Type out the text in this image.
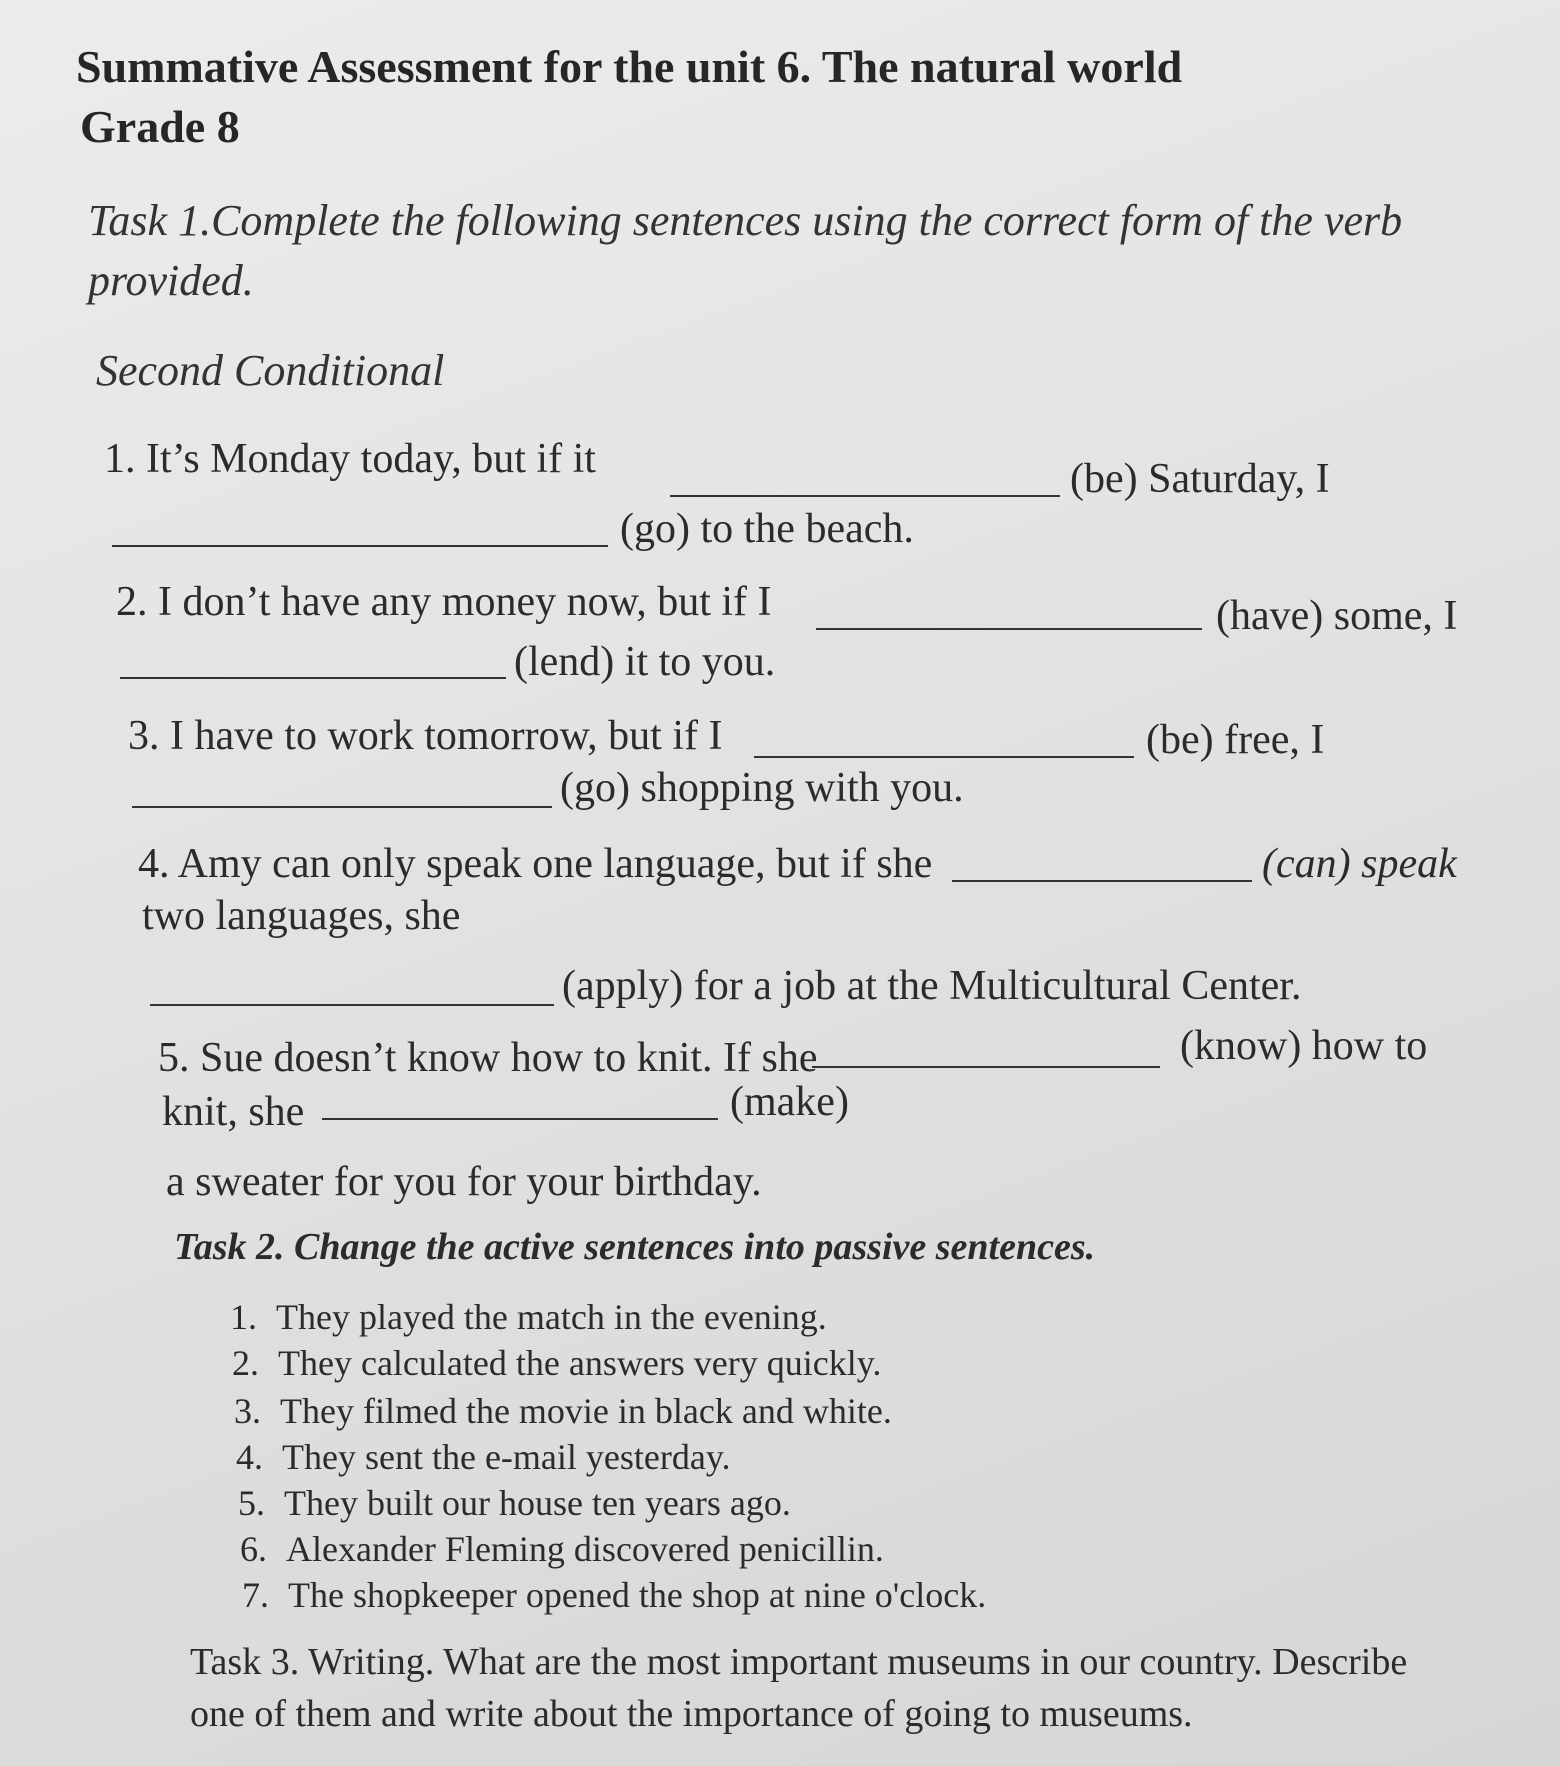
Summative Assessment for the unit 6. The natural world
Grade 8
Task 1.Complete the following sentences using the correct form of the verb
provided.
Second Conditional
1. It’s Monday today, but if it	(be) Saturday, I
(go) to the beach.
2. I don’t have any money now, but if I	(have) some, I
(lend) it to you.
3. I have to work tomorrow, but if I	(be) free, I
(go) shopping with you.
4. Amy can only speak one language, but if she	(can) speak
two languages, she
(apply) for a job at the Multicultural Center.
5. Sue doesn’t know how to knit. If she	(know) how to
knit, she	(make)
a sweater for you for your birthday.
Task 2. Change the active sentences into passive sentences.
1. They played the match in the evening.
2. They calculated the answers very quickly.
3. They filmed the movie in black and white.
4. They sent the e-mail yesterday.
5. They built our house ten years ago.
6. Alexander Fleming discovered penicillin.
7. The shopkeeper opened the shop at nine o'clock.
Task 3. Writing. What are the most important museums in our country. Describe
one of them and write about the importance of going to museums.
